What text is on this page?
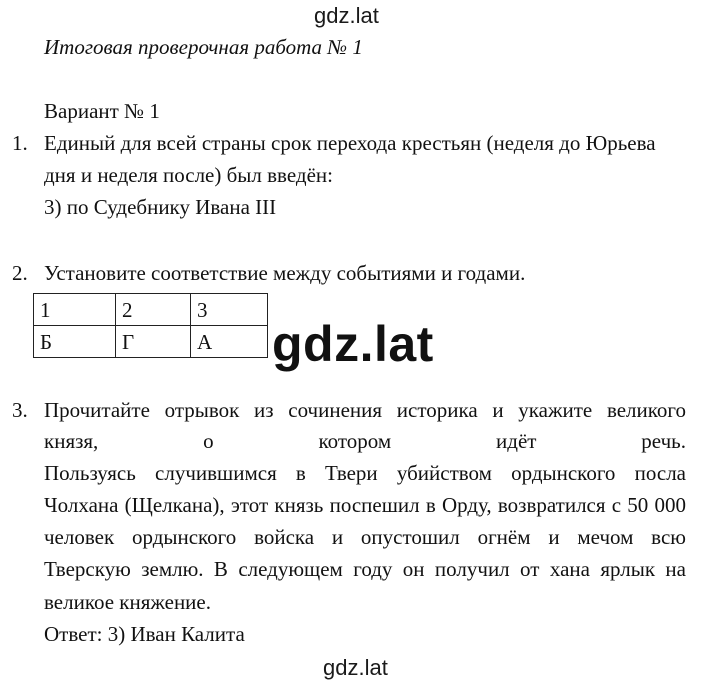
gdz.lat
gdz.lat
gdz.lat
Итоговая проверочная работа № 1
Вариант № 1
1. Единый для всей страны срок перехода крестьян (неделя до Юрьева
дня и неделя после) был введён:
3) по Судебнику Ивана III
2. Установите соответствие между событиями и годами.
1	2	3
Б	Г	А
3. Прочитайте отрывок из сочинения историка и укажите великого
князя, о котором идёт речь.
Пользуясь случившимся в Твери убийством ордынского посла
Чолхана (Щелкана), этот князь поспешил в Орду, возвратился с 50 000
человек ордынского войска и опустошил огнём и мечом всю
Тверскую землю. В следующем году он получил от хана ярлык на
великое княжение.
Ответ: 3) Иван Калита
